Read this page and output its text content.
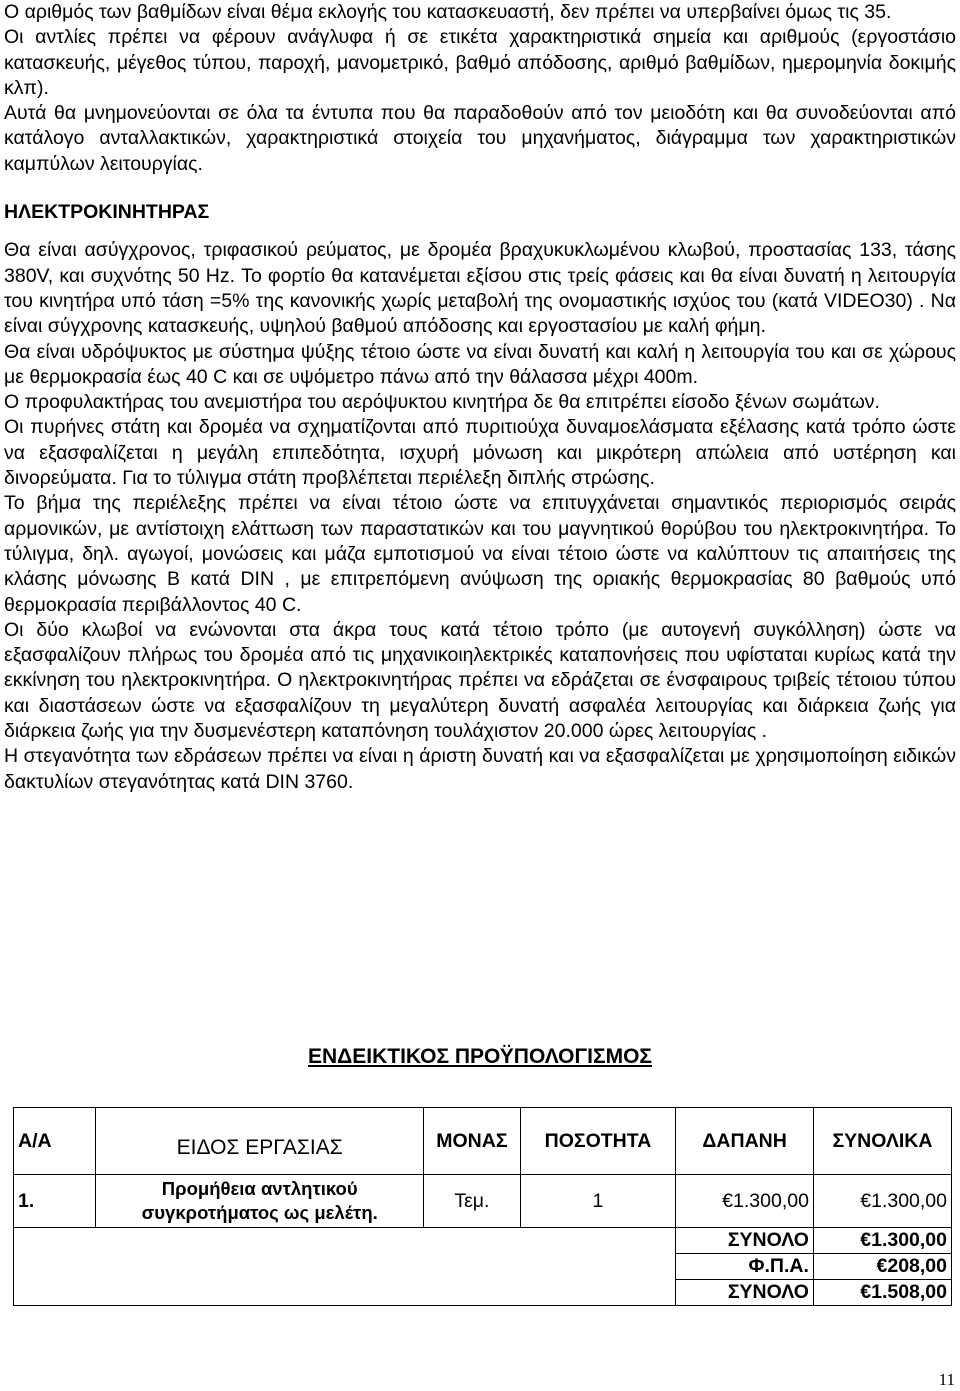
Ο αριθμός των βαθμίδων είναι θέμα εκλογής του κατασκευαστή, δεν πρέπει να υπερβαίνει όμως τις 35.

Οι αντλίες πρέπει να φέρουν ανάγλυφα ή σε ετικέτα χαρακτηριστικά σημεία και αριθμούς (εργοστάσιο κατασκευής, μέγεθος τύπου, παροχή, μανομετρικό, βαθμό απόδοσης, αριθμό βαθμίδων, ημερομηνία δοκιμής κλπ).

Αυτά θα μνημονεύονται σε όλα τα έντυπα που θα παραδοθούν από τον μειοδότη και θα συνοδεύονται από κατάλογο ανταλλακτικών, χαρακτηριστικά στοιχεία του μηχανήματος, διάγραμμα των χαρακτηριστικών καμπύλων λειτουργίας.

ΗΛΕΚΤΡΟΚΙΝΗΤΗΡΑΣ

Θα είναι ασύγχρονος, τριφασικού ρεύματος, με δρομέα βραχυκυκλωμένου κλωβού, προστασίας 133, τάσης 380V, και συχνότης 50 Hz. Το φορτίο θα κατανέμεται εξίσου στις τρείς φάσεις και θα είναι δυνατή η λειτουργία του κινητήρα υπό τάση =5% της κανονικής χωρίς μεταβολή της ονομαστικής ισχύος του (κατά VIDEO30) . Να είναι σύγχρονης κατασκευής, υψηλού βαθμού απόδοσης και εργοστασίου με καλή φήμη.

Θα είναι υδρόψυκτος με σύστημα ψύξης τέτοιο ώστε να είναι δυνατή και καλή η λειτουργία του και σε χώρους με θερμοκρασία έως 40 C και σε υψόμετρο πάνω από την θάλασσα μέχρι 400m.

Ο προφυλακτήρας του ανεμιστήρα του αερόψυκτου κινητήρα δε θα επιτρέπει είσοδο ξένων σωμάτων.

Οι πυρήνες στάτη και δρομέα να σχηματίζονται από πυριτιούχα δυναμοελάσματα εξέλασης κατά τρόπο ώστε να εξασφαλίζεται η μεγάλη επιπεδότητα, ισχυρή μόνωση και μικρότερη απώλεια από υστέρηση και δινορεύματα. Για το τύλιγμα στάτη προβλέπεται περιέλεξη διπλής στρώσης.

Το βήμα της περιέλεξης πρέπει να είναι τέτοιο ώστε να επιτυγχάνεται σημαντικός περιορισμός σειράς αρμονικών, με αντίστοιχη ελάττωση των παραστατικών και του μαγνητικού θορύβου του ηλεκτροκινητήρα. Το τύλιγμα, δηλ. αγωγοί, μονώσεις και μάζα εμποτισμού να είναι τέτοιο ώστε να καλύπτουν τις απαιτήσεις της κλάσης μόνωσης Β κατά DIN , με επιτρεπόμενη ανύψωση της οριακής θερμοκρασίας 80 βαθμούς υπό θερμοκρασία περιβάλλοντος 40 C.

Οι δύο κλωβοί να ενώνονται στα άκρα τους κατά τέτοιο τρόπο (με αυτογενή συγκόλληση) ώστε να εξασφαλίζουν πλήρως του δρομέα από τις μηχανικοιηλεκτρικές καταπονήσεις που υφίσταται κυρίως κατά την εκκίνηση του ηλεκτροκινητήρα. Ο ηλεκτροκινητήρας πρέπει να εδράζεται σε ένσφαιρους τριβείς τέτοιου τύπου και διαστάσεων ώστε να εξασφαλίζουν τη μεγαλύτερη δυνατή ασφαλέα λειτουργίας και διάρκεια ζωής για διάρκεια ζωής για την δυσμενέστερη καταπόνηση τουλάχιστον 20.000 ώρες λειτουργίας .

Η στεγανότητα των εδράσεων πρέπει να είναι η άριστη δυνατή και να εξασφαλίζεται με χρησιμοποίηση ειδικών δακτυλίων στεγανότητας κατά DIN 3760.

ΕΝΔΕΙΚΤΙΚΟΣ ΠΡΟΫΠΟΛΟΓΙΣΜΟΣ
Α/Α	ΕΙΔΟΣ ΕΡΓΑΣΙΑΣ	ΜΟΝΑΣ	ΠΟΣΟΤΗΤΑ	ΔΑΠΑΝΗ	ΣΥΝΟΛΙΚΑ
1.	Προμήθεια αντλητικού συγκροτήματος ως μελέτη.	Τεμ.	1	€1.300,00	€1.300,00
				ΣΥΝΟΛΟ	€1.300,00
				Φ.Π.Α.	€208,00
				ΣΥΝΟΛΟ	€1.508,00
11
